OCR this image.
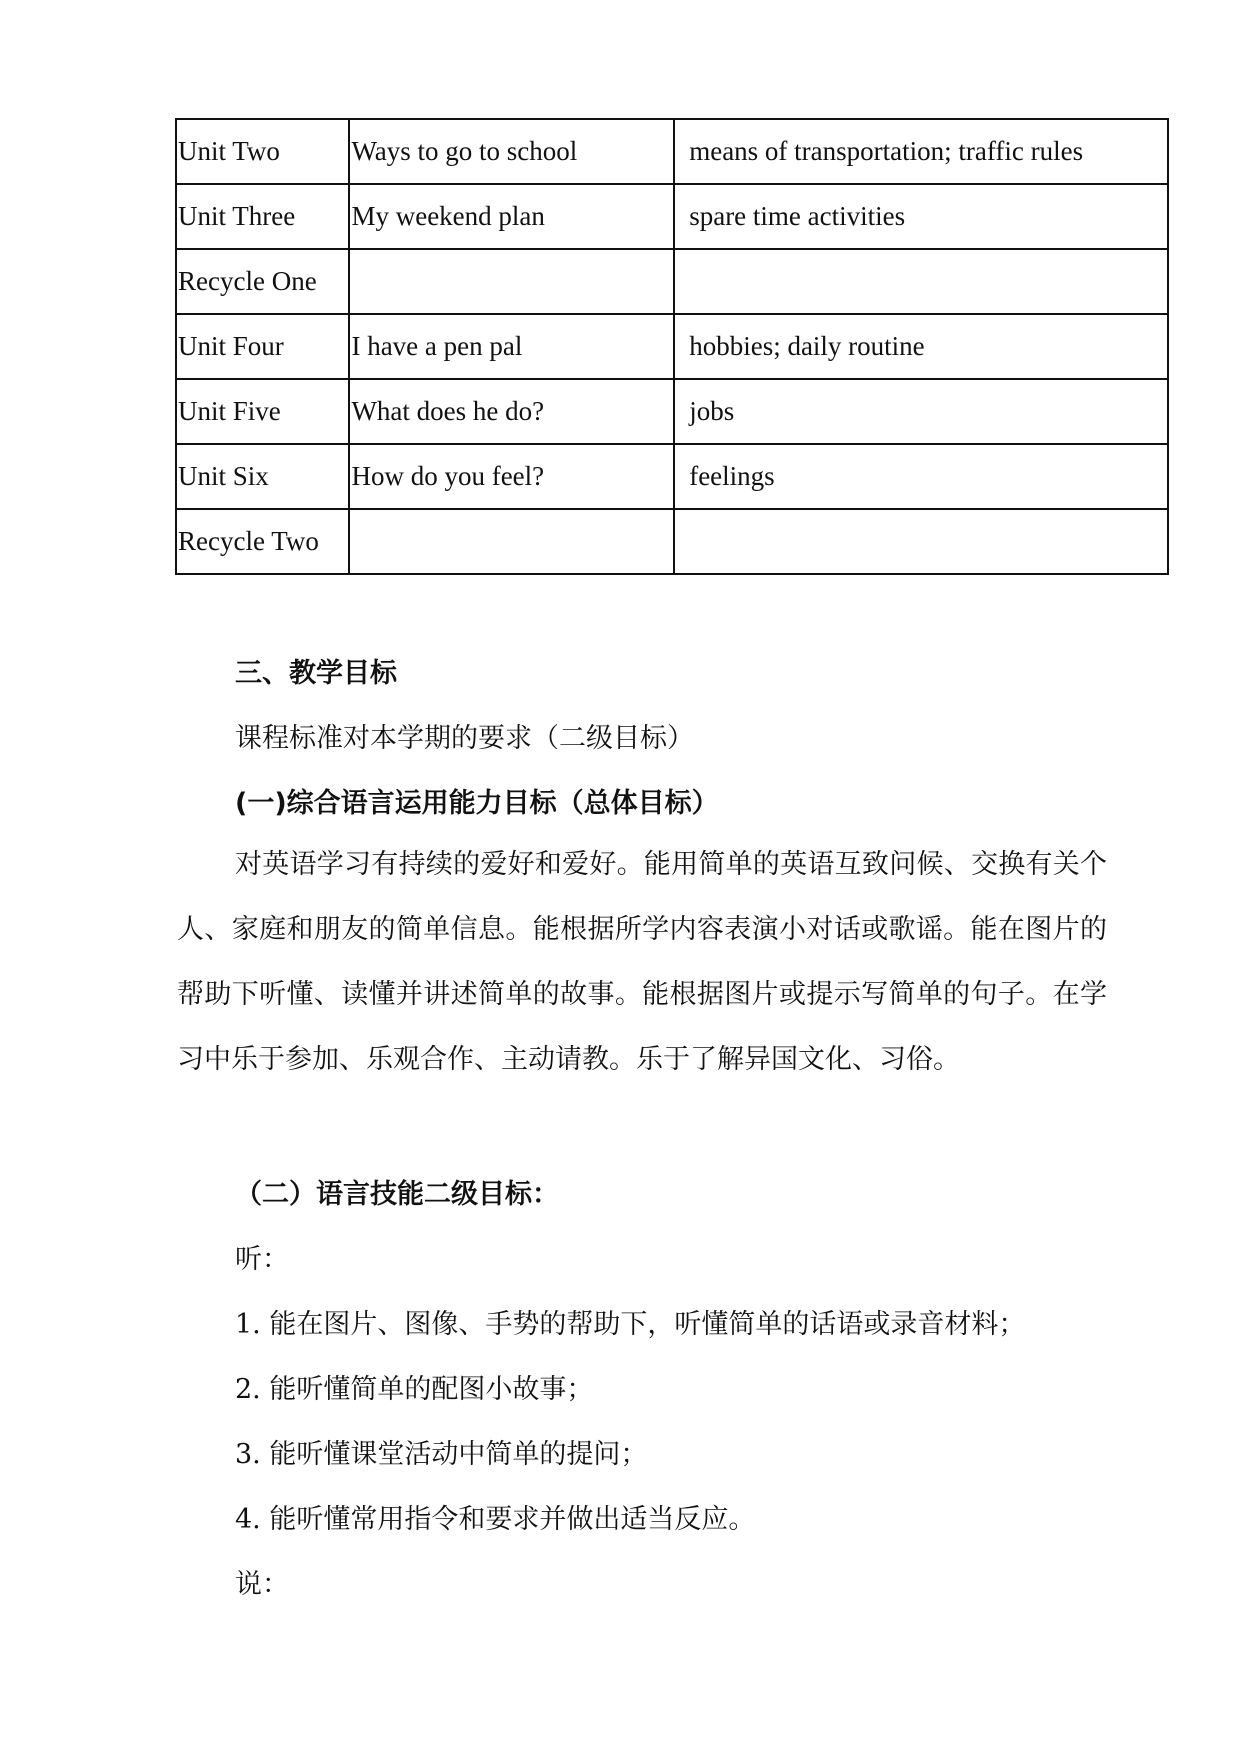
Unit Two	Ways to go to school	means of transportation; traffic rules
Unit Three	My weekend plan	spare time activities
Recycle One		
Unit Four	I have a pen pal	hobbies; daily routine
Unit Five	What does he do?	jobs
Unit Six	How do you feel?	feelings
Recycle Two		
三、教学目标
课程标准对本学期的要求（二级目标）
(一)综合语言运用能力目标（总体目标）
对英语学习有持续的爱好和爱好。能用简单的英语互致问候、交换有关个人、家庭和朋友的简单信息。能根据所学内容表演小对话或歌谣。能在图片的帮助下听懂、读懂并讲述简单的故事。能根据图片或提示写简单的句子。在学习中乐于参加、乐观合作、主动请教。乐于了解异国文化、习俗。
（二）语言技能二级目标：
听：
1. 能在图片、图像、手势的帮助下，听懂简单的话语或录音材料；
2. 能听懂简单的配图小故事；
3. 能听懂课堂活动中简单的提问；
4. 能听懂常用指令和要求并做出适当反应。
说：
